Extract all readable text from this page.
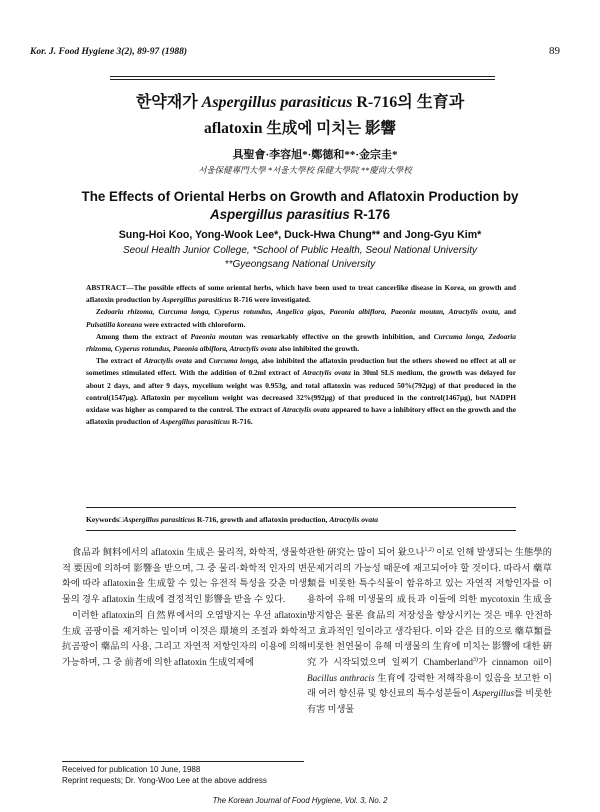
Kor. J. Food Hygiene 3(2), 89-97 (1988)	89
한약재가 Aspergillus parasiticus R-716의 生育과
aflatoxin 生成에 미치는 影響
具聖會·李容旭*·鄭德和**·金宗圭*
서울保健專門大學 *서울大學校 保健大學院 **慶尙大學校
The Effects of Oriental Herbs on Growth and Aflatoxin Production by
Aspergillus parasitius R-176
Sung-Hoi Koo, Yong-Wook Lee*, Duck-Hwa Chung** and Jong-Gyu Kim*
Seoul Health Junior College, *School of Public Health, Seoul National University
**Gyeongsang National University

ABSTRACT—The possible effects of some oriental herbs, which have been used to treat cancerlike disease in Korea, on growth and aflatoxin production by Aspergillus parasiticus R-716 were investigated.

Zedoaria rhizoma, Curcuma longa, Cyperus rotundus, Angelica gigas, Paeonia albiflora, Paeonia moutan, Atractylis ovata, and Pulsatilla koreana were extracted with chloroform.

Among them the extract of Paeonia moutan was remarkably effective on the growth inhibition, and Curcuma longa, Zedoaria rhizoma, Cyperus rotundus, Paeonia albiflora, Atractylis ovata also inhibited the growth.

The extract of Atractylis ovata and Curcuma longa, also inhibited the aflatoxin production but the others showed no effect at all or sometimes stimulated effect. With the addition of 0.2ml extract of Atractylis ovata in 30ml SLS medium, the growth was delayed for about 2 days, and after 9 days, mycelium weight was 0.953g, and total aflatoxin was reduced 50%(792μg) of that produced in the control(1547μg). Aflatoxin per mycelium weight was decreased 32%(992μg) of that produced in the control(1467μg), but NADPH oxidase was higher as compared to the control. The extract of Atractylis ovata appeared to have a inhibitory effect on the growth and the aflatoxin production of Aspergillus parasiticus R-716.

Keywords□Aspergillus parasiticus R-716, growth and aflatoxin production, Atractylis ovata

食品과 飼料에서의 aflatoxin 生成은 물리적, 화학적, 생물학적 要因에 의하여 影響을 받으며, 그 중 물리·화학적 인자의 변화에 따라 aflatoxin을 生成할 수 있는 유전적 특성을 갖춘 미생물의 경우 aflatoxin 生成에 결정적인 影響을 받을 수 있다.

이러한 aflatoxin의 自然界에서의 오염방지는 우선 aflatoxin 生成 곰팡이를 제거하는 일이며 이것은 環境의 조절과 화학적 抗곰팡이 藥品의 사용, 그리고 자연적 저항인자의 이용에 의해 가능하며, 그 중 前者에 의한 aflatoxin 生成억제에

관한 硏究는 많이 되어 왔으나$^{1,2)}$ 이로 인해 발생되는 生態學的 문제거리의 가능성 때문에 재고되어야 할 것이다. 따라서 藥草類를 비롯한 특수식물이 함유하고 있는 자연적 저항인자를 이용하여 유해 미생물의 成長과 이들에 의한 mycotoxin 生成을 방지함은 물론 食品의 저장성을 향상시키는 것은 매우 안전하고 효과적인 일이라고 생각된다. 이와 같은 目的으로 藥草類를 비롯한 천연물이 유해 미생물의 生育에 미치는 影響에 대한 硏究가 시작되었으며 일찌기 Chamberland$^{3)}$가 cinnamon oil이 Bacillus anthracis 生育에 강력한 저해작용이 있음을 보고한 이래 여러 향신류 및 향신료의 특수성분들이 Aspergillus를 비롯한 有害 미생물

Received for publication 10 June, 1988
Reprint requests; Dr. Yong-Woo Lee at the above address
The Korean Journal of Food Hygiene, Vol. 3, No. 2
